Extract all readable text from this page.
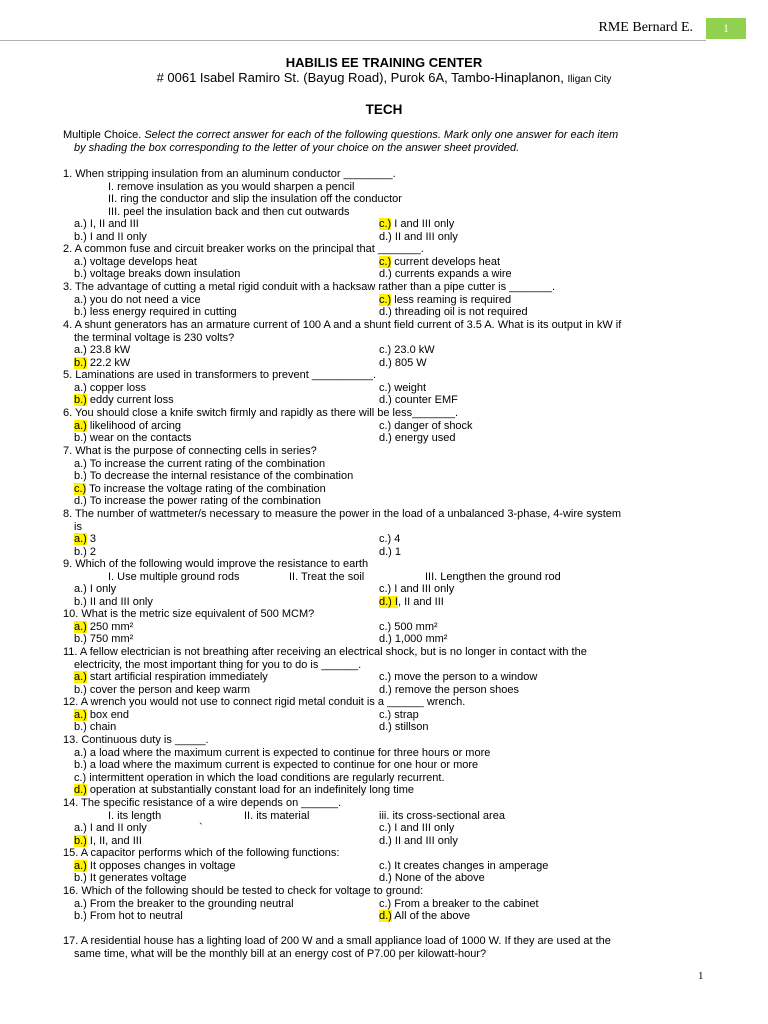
RME Bernard E.	1
HABILIS EE TRAINING CENTER
# 0061 Isabel Ramiro St. (Bayug Road), Purok 6A, Tambo-Hinaplanon, Iligan City
TECH
Multiple Choice. Select the correct answer for each of the following questions. Mark only one answer for each item
by shading the box corresponding to the letter of your choice on the answer sheet provided.

1. When stripping insulation from an aluminum conductor ________.

I. remove insulation as you would sharpen a pencil

II. ring the conductor and slip the insulation off the conductor

III. peel the insulation back and then cut outwards

a.) I, II and III	c.) I and III only
b.) I and II only	d.) II and III only

2. A common fuse and circuit breaker works on the principal that _______.

a.) voltage develops heat	c.) current develops heat
b.) voltage breaks down insulation	d.) currents expands a wire

3. The advantage of cutting a metal rigid conduit with a hacksaw rather than a pipe cutter is _______.

a.) you do not need a vice	c.) less reaming is required
b.) less energy required in cutting	d.) threading oil is not required

4. A shunt generators has an armature current of 100 A and a shunt field current of 3.5 A. What is its output in kW if

the terminal voltage is 230 volts?

a.) 23.8 kW	c.) 23.0 kW
b.) 22.2 kW	d.) 805 W

5. Laminations are used in transformers to prevent __________.

a.) copper loss	c.) weight
b.) eddy current loss	d.) counter EMF

6. You should close a knife switch firmly and rapidly as there will be less_______.

a.) likelihood of arcing	c.) danger of shock
b.) wear on the contacts	d.) energy used

7. What is the purpose of connecting cells in series?

a.) To increase the current rating of the combination

b.) To decrease the internal resistance of the combination

c.) To increase the voltage rating of the combination

d.) To increase the power rating of the combination

8. The number of wattmeter/s necessary to measure the power in the load of a unbalanced 3-phase, 4-wire system

is

a.) 3	c.) 4
b.) 2	d.) 1

9. Which of the following would improve the resistance to earth

I. Use multiple ground rods	II. Treat the soil	III. Lengthen the ground rod
a.) I only	c.) I and III only
b.) II and III only	d.) I, II and III

10. What is the metric size equivalent of 500 MCM?

a.) 250 mm²	c.) 500 mm²
b.) 750 mm²	d.) 1,000 mm²

11. A fellow electrician is not breathing after receiving an electrical shock, but is no longer in contact with the

electricity, the most important thing for you to do is ______.

a.) start artificial respiration immediately	c.) move the person to a window
b.) cover the person and keep warm	d.) remove the person shoes

12. A wrench you would not use to connect rigid metal conduit is a ______ wrench.

a.) box end	c.) strap
b.) chain	d.) stillson

13. Continuous duty is _____.

a.) a load where the maximum current is expected to continue for three hours or more

b.) a load where the maximum current is expected to continue for one hour or more

c.) intermittent operation in which the load conditions are regularly recurrent.

d.) operation at substantially constant load for an indefinitely long time

14. The specific resistance of a wire depends on ______.

I. its length	II. its material	iii. its cross-sectional area
a.) I and II only	`	c.) I and III only
b.) I, II, and III	d.) II and III only

15. A capacitor performs which of the following functions:

a.) It opposes changes in voltage	c.) It creates changes in amperage
b.) It generates voltage	d.) None of the above

16. Which of the following should be tested to check for voltage to ground:

a.) From the breaker to the grounding neutral	c.) From a breaker to the cabinet
b.) From hot to neutral	d.) All of the above

17. A residential house has a lighting load of 200 W and a small appliance load of 1000 W. If they are used at the

same time, what will be the monthly bill at an energy cost of P7.00 per kilowatt-hour?

1
